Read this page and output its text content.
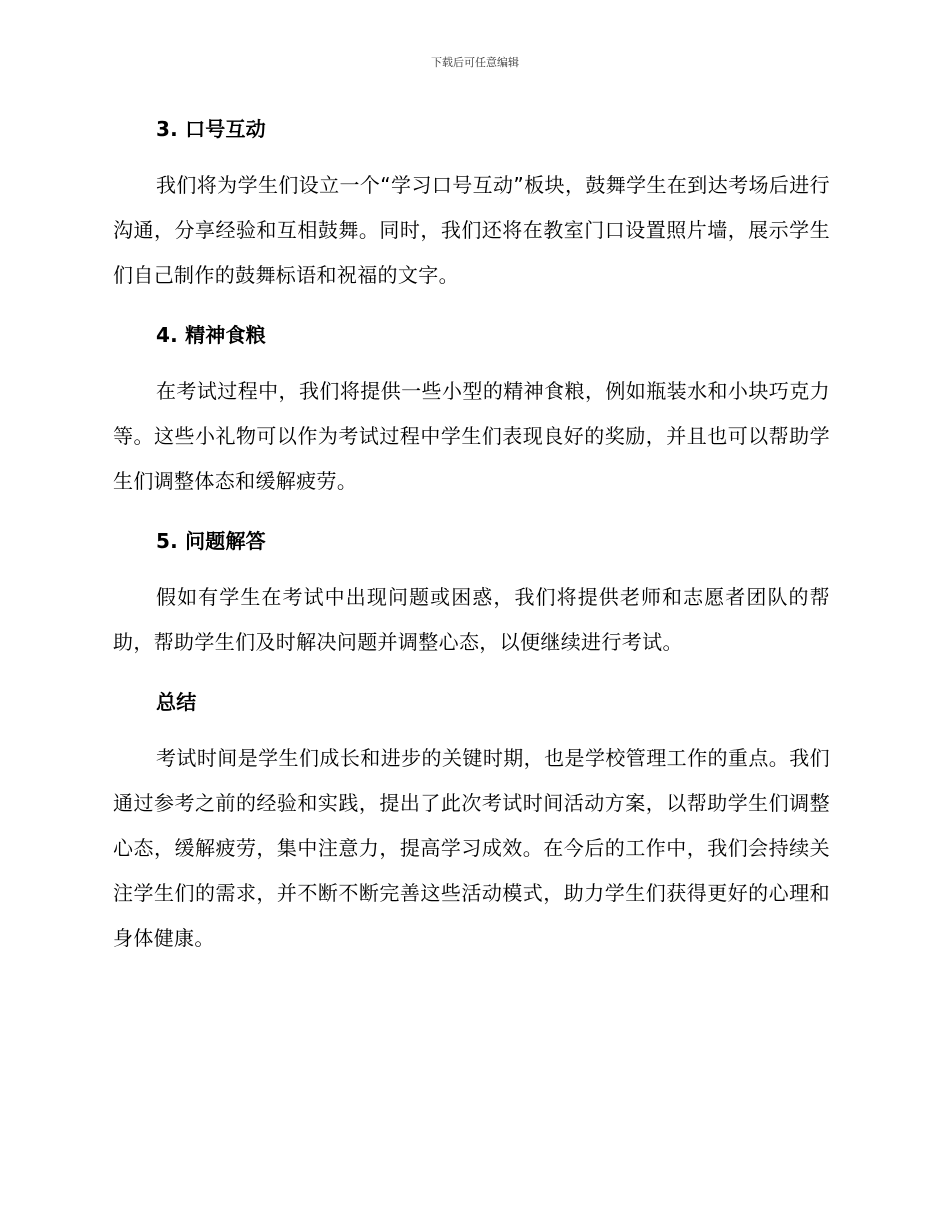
下载后可任意编辑
3. 口号互动

我们将为学生们设立一个“学习口号互动”板块，鼓舞学生在到达考场后进行沟通，分享经验和互相鼓舞。同时，我们还将在教室门口设置照片墙，展示学生们自己制作的鼓舞标语和祝福的文字。

4. 精神食粮

在考试过程中，我们将提供一些小型的精神食粮，例如瓶装水和小块巧克力等。这些小礼物可以作为考试过程中学生们表现良好的奖励，并且也可以帮助学生们调整体态和缓解疲劳。

5. 问题解答

假如有学生在考试中出现问题或困惑，我们将提供老师和志愿者团队的帮助，帮助学生们及时解决问题并调整心态，以便继续进行考试。

总结

考试时间是学生们成长和进步的关键时期，也是学校管理工作的重点。我们通过参考之前的经验和实践，提出了此次考试时间活动方案，以帮助学生们调整心态，缓解疲劳，集中注意力，提高学习成效。在今后的工作中，我们会持续关注学生们的需求，并不断不断完善这些活动模式，助力学生们获得更好的心理和身体健康。
